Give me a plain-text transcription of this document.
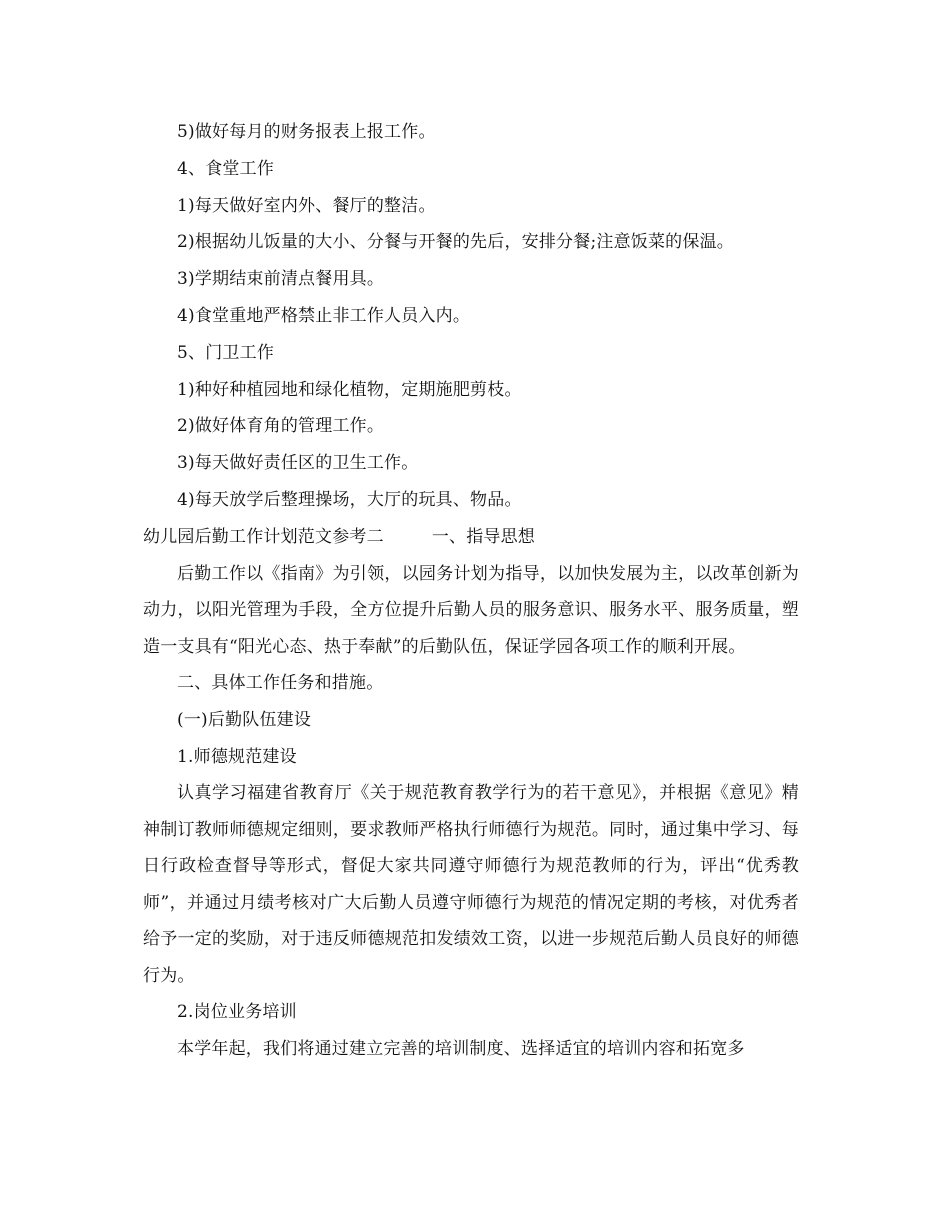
5)做好每月的财务报表上报工作。
4、食堂工作
1)每天做好室内外、餐厅的整洁。
2)根据幼儿饭量的大小、分餐与开餐的先后，安排分餐;注意饭菜的保温。
3)学期结束前清点餐用具。
4)食堂重地严格禁止非工作人员入内。
5、门卫工作
1)种好种植园地和绿化植物，定期施肥剪枝。
2)做好体育角的管理工作。
3)每天做好责任区的卫生工作。
4)每天放学后整理操场，大厅的玩具、物品。
幼儿园后勤工作计划范文参考二	一、指导思想

后勤工作以《指南》为引领，以园务计划为指导，以加快发展为主，以改革创新为动力，以阳光管理为手段，全方位提升后勤人员的服务意识、服务水平、服务质量，塑造一支具有“阳光心态、热于奉献”的后勤队伍，保证学园各项工作的顺利开展。

二、具体工作任务和措施。
(一)后勤队伍建设
1.师德规范建设

认真学习福建省教育厅《关于规范教育教学行为的若干意见》，并根据《意见》精神制订教师师德规定细则，要求教师严格执行师德行为规范。同时，通过集中学习、每日行政检查督导等形式，督促大家共同遵守师德行为规范教师的行为，评出“优秀教师”，并通过月绩考核对广大后勤人员遵守师德行为规范的情况定期的考核，对优秀者给予一定的奖励，对于违反师德规范扣发绩效工资，以进一步规范后勤人员良好的师德行为。

2.岗位业务培训

本学年起，我们将通过建立完善的培训制度、选择适宜的培训内容和拓宽多
